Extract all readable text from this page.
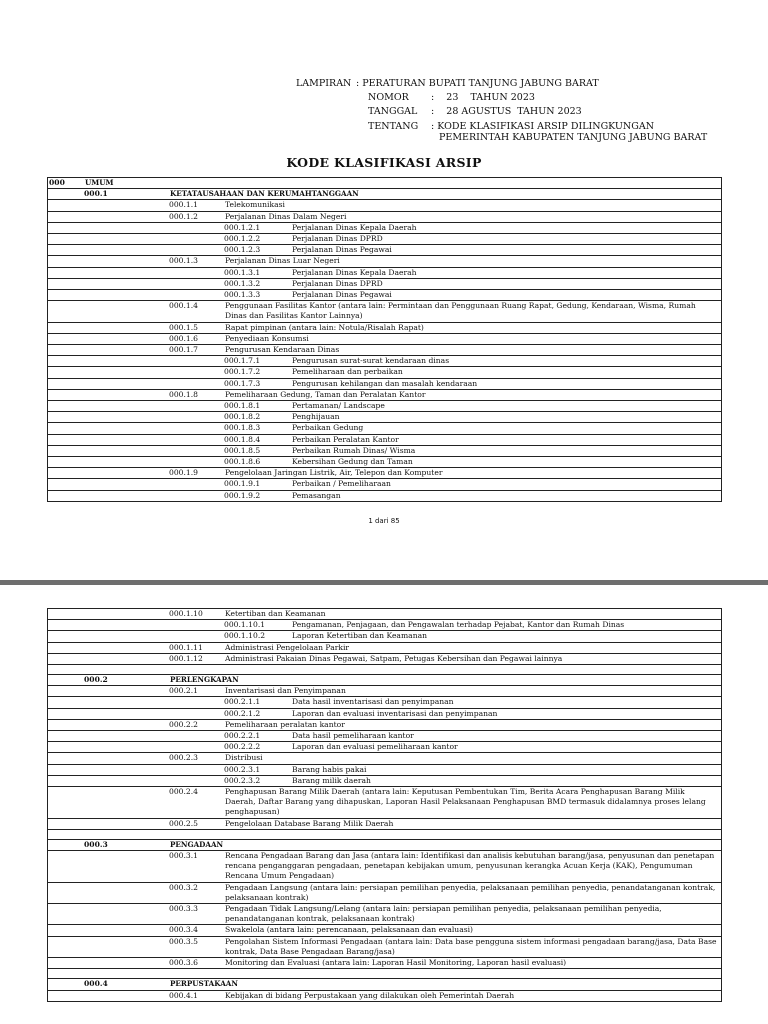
LAMPIRAN : PERATURAN BUPATI TANJUNG JABUNG BARAT
NOMOR :    23    TAHUN 2023
TANGGAL :    28 AGUSTUS  TAHUN 2023
TENTANG : KODE KLASIFIKASI ARSIP DILINGKUNGAN
PEMERINTAH KABUPATEN TANJUNG JABUNG BARAT
KODE KLASIFIKASI ARSIP
000	UMUM
000.1	KETATAUSAHAAN DAN KERUMAHTANGGAAN
000.1.1	Telekomunikasi
000.1.2	Perjalanan Dinas Dalam Negeri
000.1.2.1	Perjalanan Dinas Kepala Daerah
000.1.2.2	Perjalanan Dinas DPRD
000.1.2.3	Perjalanan Dinas Pegawai
000.1.3	Perjalanan Dinas Luar Negeri
000.1.3.1	Perjalanan Dinas Kepala Daerah
000.1.3.2	Perjalanan Dinas DPRD
000.1.3.3	Perjalanan Dinas Pegawai
000.1.4	Penggunaan Fasilitas Kantor (antara lain: Permintaan dan Penggunaan Ruang Rapat, Gedung, Kendaraan, Wisma, Rumah Dinas dan Fasilitas Kantor Lainnya)
000.1.5	Rapat pimpinan (antara lain: Notula/Risalah Rapat)
000.1.6	Penyediaan Konsumsi
000.1.7	Pengurusan Kendaraan Dinas
000.1.7.1	Pengurusan surat-surat kendaraan dinas
000.1.7.2	Pemeliharaan dan perbaikan
000.1.7.3	Pengurusan kehilangan dan masalah kendaraan
000.1.8	Pemeliharaan Gedung, Taman dan Peralatan Kantor
000.1.8.1	Pertamanan/ Landscape
000.1.8.2	Penghijauan
000.1.8.3	Perbaikan Gedung
000.1.8.4	Perbaikan Peralatan Kantor
000.1.8.5	Perbaikan Rumah Dinas/ Wisma
000.1.8.6	Kebersihan Gedung dan Taman
000.1.9	Pengelolaan Jaringan Listrik, Air, Telepon dan Komputer
000.1.9.1	Perbaikan / Pemeliharaan
000.1.9.2	Pemasangan
1 dari 85
000.1.10	Ketertiban dan Keamanan
000.1.10.1	Pengamanan, Penjagaan, dan Pengawalan terhadap Pejabat, Kantor dan Rumah Dinas
000.1.10.2	Laporan Ketertiban dan Keamanan
000.1.11	Administrasi Pengelolaan Parkir
000.1.12	Administrasi Pakaian Dinas Pegawai, Satpam, Petugas Kebersihan dan Pegawai lainnya
000.2	PERLENGKAPAN
000.2.1	Inventarisasi dan Penyimpanan
000.2.1.1	Data hasil inventarisasi dan penyimpanan
000.2.1.2	Laporan dan evaluasi inventarisasi dan penyimpanan
000.2.2	Pemeliharaan peralatan kantor
000.2.2.1	Data hasil pemeliharaan kantor
000.2.2.2	Laporan dan evaluasi pemeliharaan kantor
000.2.3	Distribusi
000.2.3.1	Barang habis pakai
000.2.3.2	Barang milik daerah
000.2.4	Penghapusan Barang Milik Daerah (antara lain: Keputusan Pembentukan Tim, Berita Acara Penghapusan Barang Milik Daerah, Daftar Barang yang dihapuskan, Laporan Hasil Pelaksanaan Penghapusan BMD termasuk didalamnya proses lelang penghapusan)
000.2.5	Pengelolaan Database Barang Milik Daerah
000.3	PENGADAAN
000.3.1	Rencana Pengadaan Barang dan Jasa (antara lain: Identifikasi dan analisis kebutuhan barang/jasa, penyusunan dan penetapan rencana penganggaran pengadaan, penetapan kebijakan umum, penyusunan kerangka Acuan Kerja (KAK), Pengumuman Rencana Umum Pengadaan)
000.3.2	Pengadaan Langsung (antara lain: persiapan pemilihan penyedia, pelaksanaan pemilihan penyedia, penandatanganan kontrak, pelaksanaan kontrak)
000.3.3	Pengadaan Tidak Langsung/Lelang (antara lain: persiapan pemilihan penyedia, pelaksanaan pemilihan penyedia, penandatanganan kontrak, pelaksanaan kontrak)
000.3.4	Swakelola (antara lain: perencanaan, pelaksanaan dan evaluasi)
000.3.5	Pengolahan Sistem Informasi Pengadaan (antara lain: Data base pengguna sistem informasi pengadaan barang/jasa, Data Base kontrak, Data Base Pengadaan Barang/jasa)
000.3.6	Monitoring dan Evaluasi (antara lain: Laporan Hasil Monitoring, Laporan hasil evaluasi)
000.4	PERPUSTAKAAN
000.4.1	Kebijakan di bidang Perpustakaan yang dilakukan oleh Pemerintah Daerah
